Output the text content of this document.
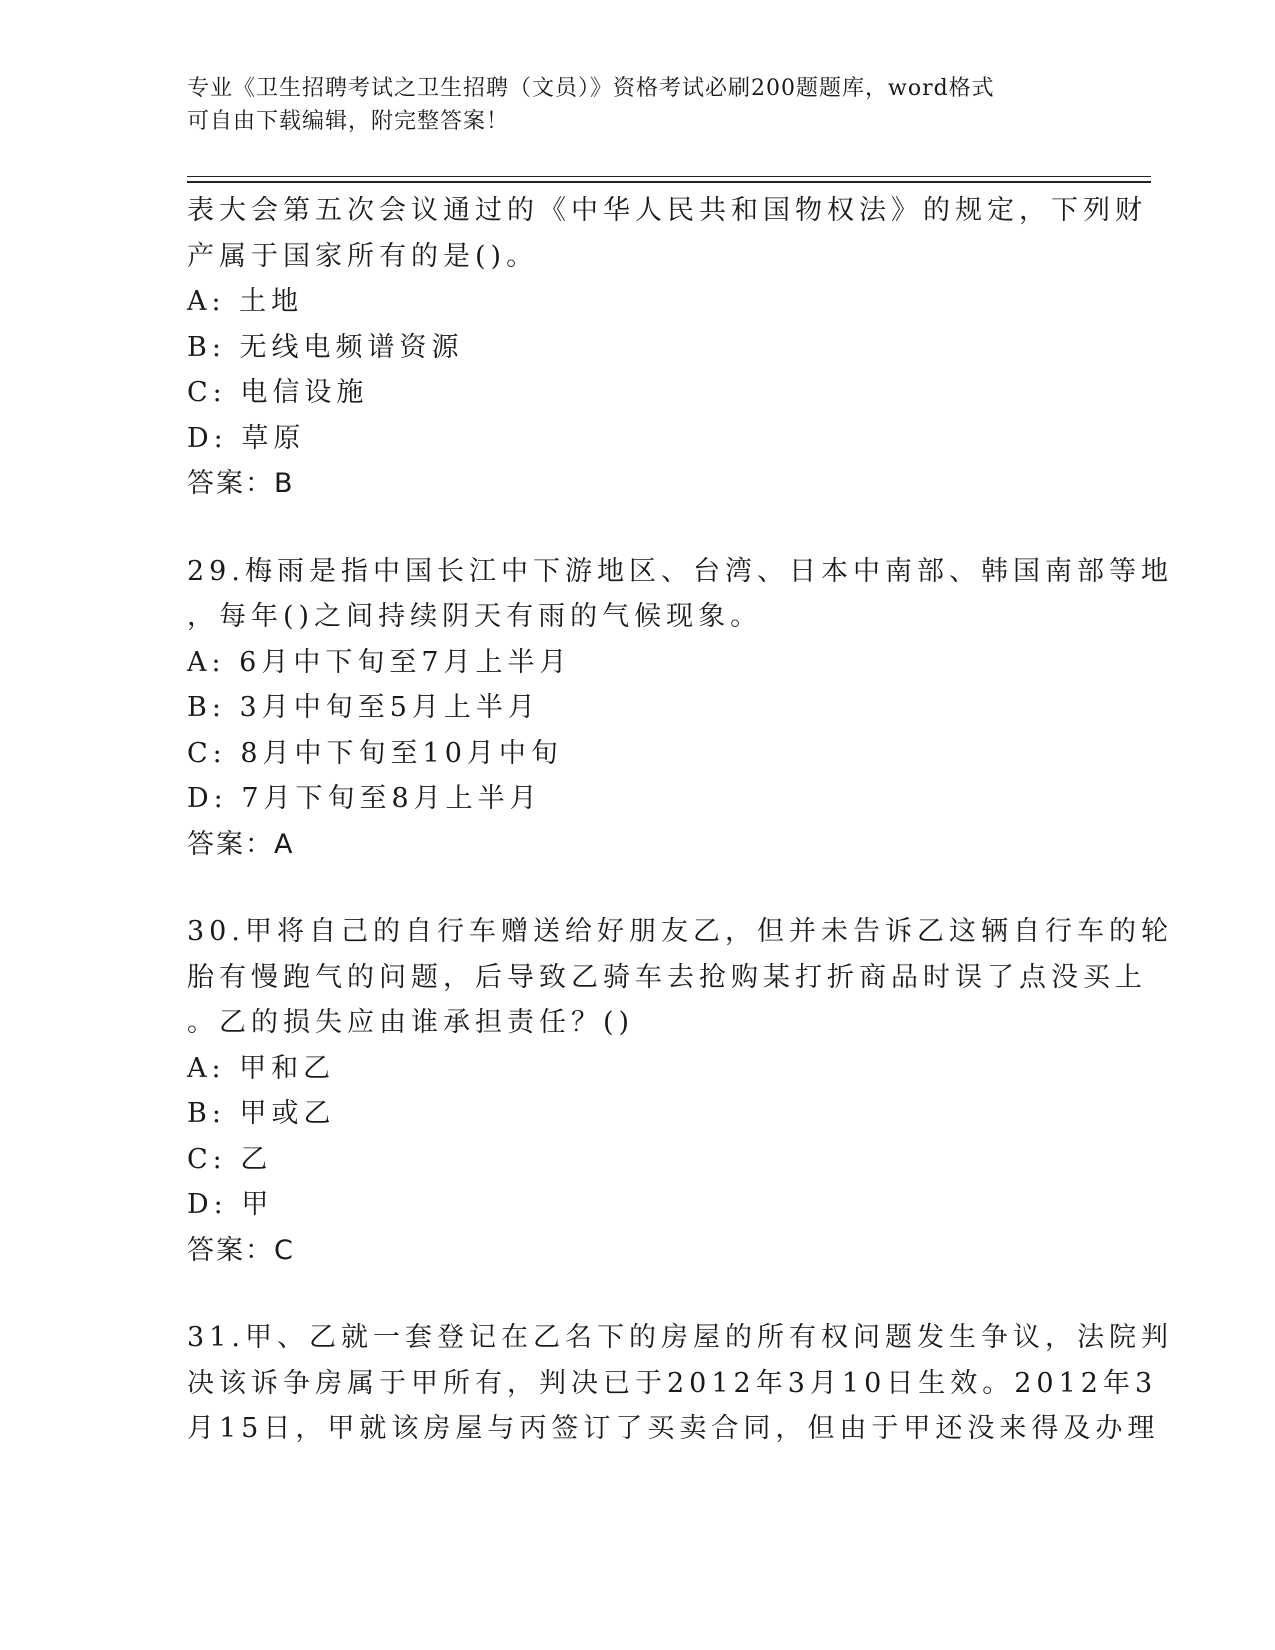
专业《卫生招聘考试之卫生招聘（文员）》资格考试必刷200题题库，word格式
可自由下载编辑，附完整答案！
表大会第五次会议通过的《中华人民共和国物权法》的规定，下列财
产属于国家所有的是()。
A: 土地
B: 无线电频谱资源
C: 电信设施
D: 草原
答案：B
29.梅雨是指中国长江中下游地区、台湾、日本中南部、韩国南部等地
，每年()之间持续阴天有雨的气候现象。
A: 6月中下旬至7月上半月
B: 3月中旬至5月上半月
C: 8月中下旬至10月中旬
D: 7月下旬至8月上半月
答案：A
30.甲将自己的自行车赠送给好朋友乙，但并未告诉乙这辆自行车的轮
胎有慢跑气的问题，后导致乙骑车去抢购某打折商品时误了点没买上
。乙的损失应由谁承担责任？()
A: 甲和乙
B: 甲或乙
C: 乙
D: 甲
答案：C
31.甲、乙就一套登记在乙名下的房屋的所有权问题发生争议，法院判
决该诉争房属于甲所有，判决已于2012年3月10日生效。2012年3
月15日，甲就该房屋与丙签订了买卖合同，但由于甲还没来得及办理
